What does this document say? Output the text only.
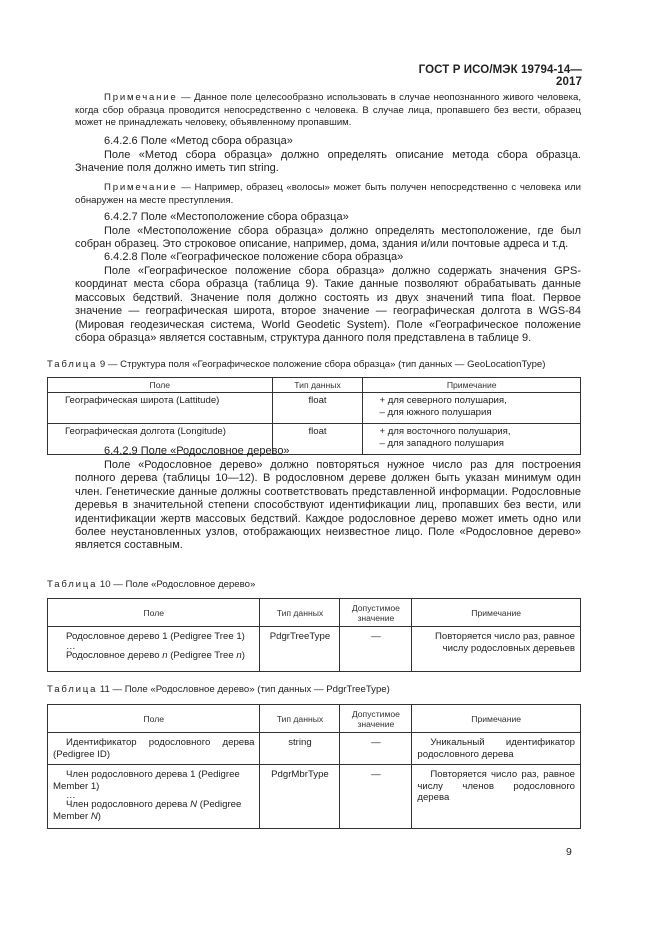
ГОСТ Р ИСО/МЭК 19794-14—2017
Примечание — Данное поле целесообразно использовать в случае неопознанного живого человека, когда сбор образца проводится непосредственно с человека. В случае лица, пропавшего без вести, образец может не принадлежать человеку, объявленному пропавшим.
6.4.2.6 Поле «Метод сбора образца»
Поле «Метод сбора образца» должно определять описание метода сбора образца. Значение поля должно иметь тип string.
Примечание — Например, образец «волосы» может быть получен непосредственно с человека или обнаружен на месте преступления.
6.4.2.7 Поле «Местоположение сбора образца»
Поле «Местоположение сбора образца» должно определять местоположение, где был собран образец. Это строковое описание, например, дома, здания и/или почтовые адреса и т.д.
6.4.2.8 Поле «Географическое положение сбора образца»
Поле «Географическое положение сбора образца» должно содержать значения GPS-координат места сбора образца (таблица 9). Такие данные позволяют обрабатывать данные массовых бедствий. Значение поля должно состоять из двух значений типа float. Первое значение — географическая широта, второе значение — географическая долгота в WGS-84 (Мировая геодезическая система, World Geodetic System). Поле «Географическое положение сбора образца» является составным, структура данного поля представлена в таблице 9.
Таблица 9 — Структура поля «Географическое положение сбора образца» (тип данных — GeoLocationType)
Поле	Тип данных	Примечание
Географическая широта (Lattitude)	float	+ для северного полушария,
– для южного полушария

Географическая долгота (Longitude)	float	+ для восточного полушария,
– для западного полушария
6.4.2.9 Поле «Родословное дерево»
Поле «Родословное дерево» должно повторяться нужное число раз для построения полного дерева (таблицы 10—12). В родословном дереве должен быть указан минимум один член. Генетические данные должны соответствовать представленной информации. Родословные деревья в значительной степени способствуют идентификации лиц, пропавших без вести, или идентификации жертв массовых бедствий. Каждое родословное дерево может иметь одно или более неустановленных узлов, отображающих неизвестное лицо. Поле «Родословное дерево» является составным.
Таблица 10 — Поле «Родословное дерево»
Поле	Тип данных	Допустимое значение	Примечание

Родословное дерево 1 (Pedigree Tree 1)
…
Родословное дерево n (Pedigree Tree n)	PdgrTreeType	—	Повторяется число раз, равное числу родословных деревьев
Таблица 11 — Поле «Родословное дерево» (тип данных — PdgrTreeType)
Поле	Тип данных	Допустимое значение	Примечание
Идентификатор родословного дерева (Pedigree ID)	string	—	Уникальный идентификатор родословного дерева

Член родословного дерева 1 (Pedigree Member 1)
…
Член родословного дерева N (Pedigree Member N)	PdgrMbrType	—	Повторяется число раз, равное числу членов родословного дерева
9
